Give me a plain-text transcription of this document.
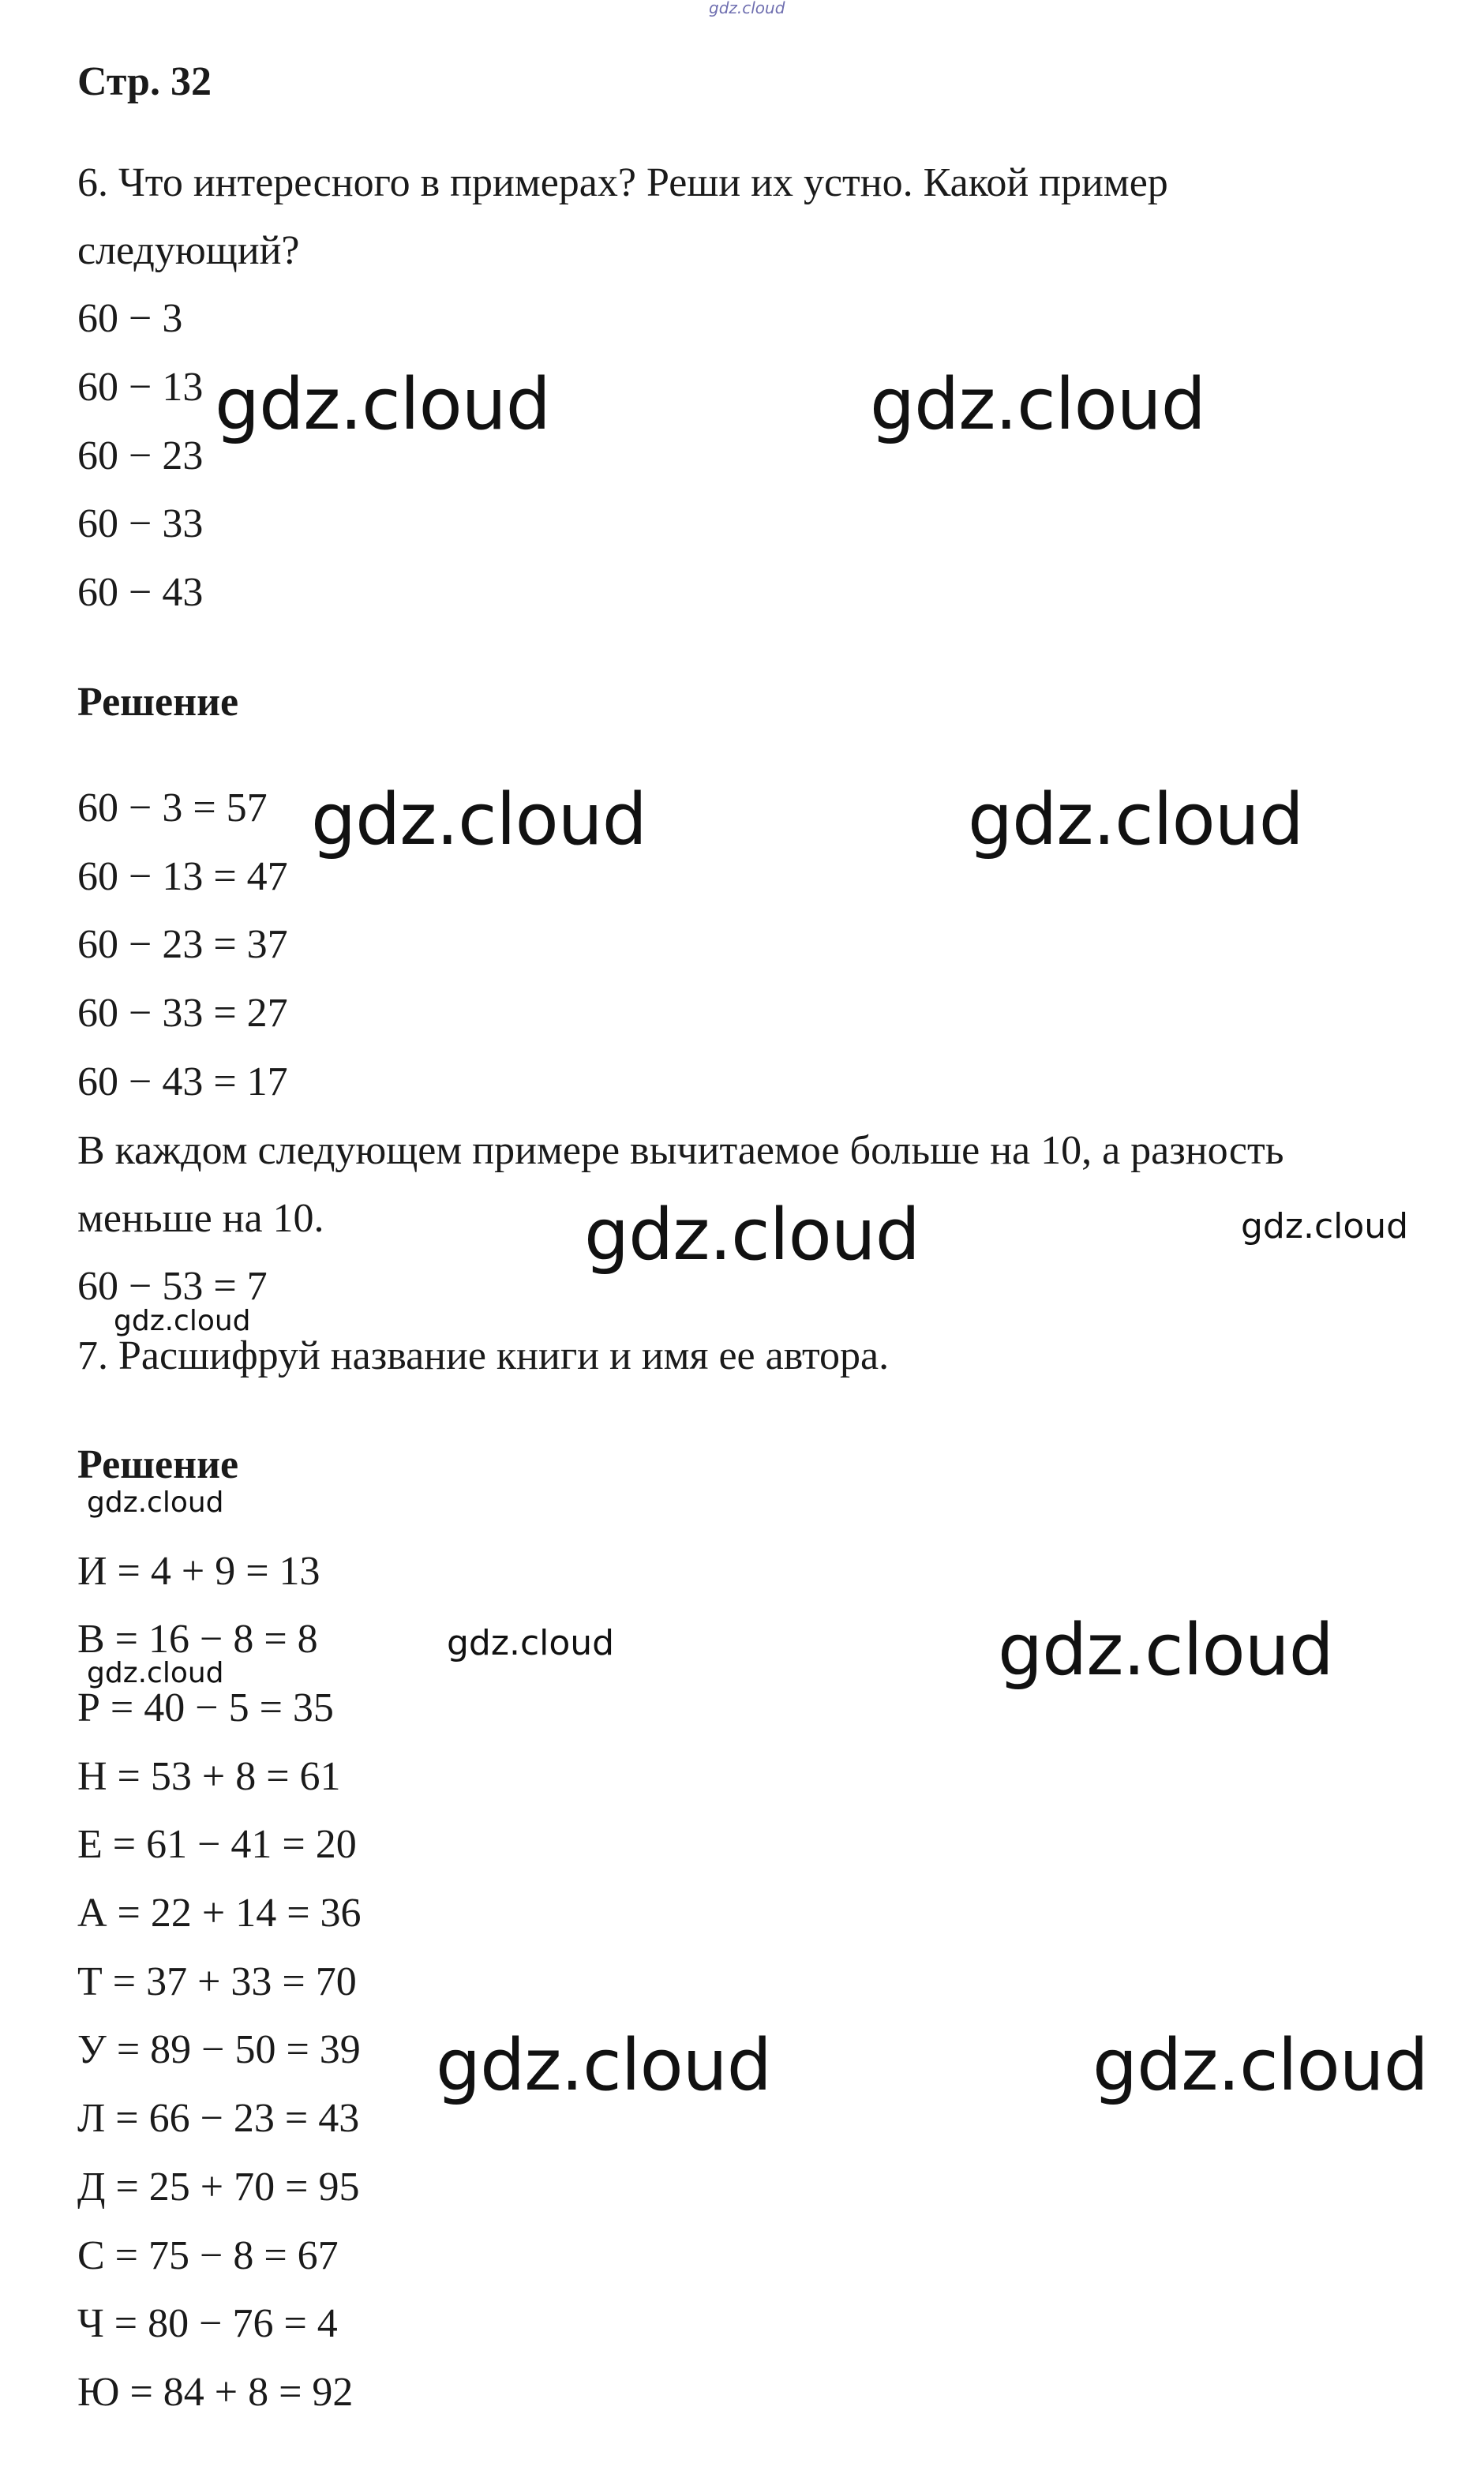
gdz.cloud
Стр. 32
6. Что интересного в примерах? Реши их устно. Какой пример
следующий?
60 − 3
60 − 13
60 − 23
60 − 33
60 − 43
Решение
60 − 3 = 57
60 − 13 = 47
60 − 23 = 37
60 − 33 = 27
60 − 43 = 17
В каждом следующем примере вычитаемое больше на 10, а разность
меньше на 10.
60 − 53 = 7
7. Расшифруй название книги и имя ее автора.
Решение
И = 4 + 9 = 13
В = 16 − 8 = 8
Р = 40 − 5 = 35
Н = 53 + 8 = 61
Е = 61 − 41 = 20
А = 22 + 14 = 36
Т = 37 + 33 = 70
У = 89 − 50 = 39
Л = 66 − 23 = 43
Д = 25 + 70 = 95
С = 75 − 8 = 67
Ч = 80 − 76 = 4
Ю = 84 + 8 = 92
gdz.cloud	gdz.cloud
gdz.cloud	gdz.cloud
gdz.cloud	gdz.cloud
gdz.cloud
gdz.cloud
gdz.cloud	gdz.cloud
gdz.cloud
gdz.cloud	gdz.cloud
